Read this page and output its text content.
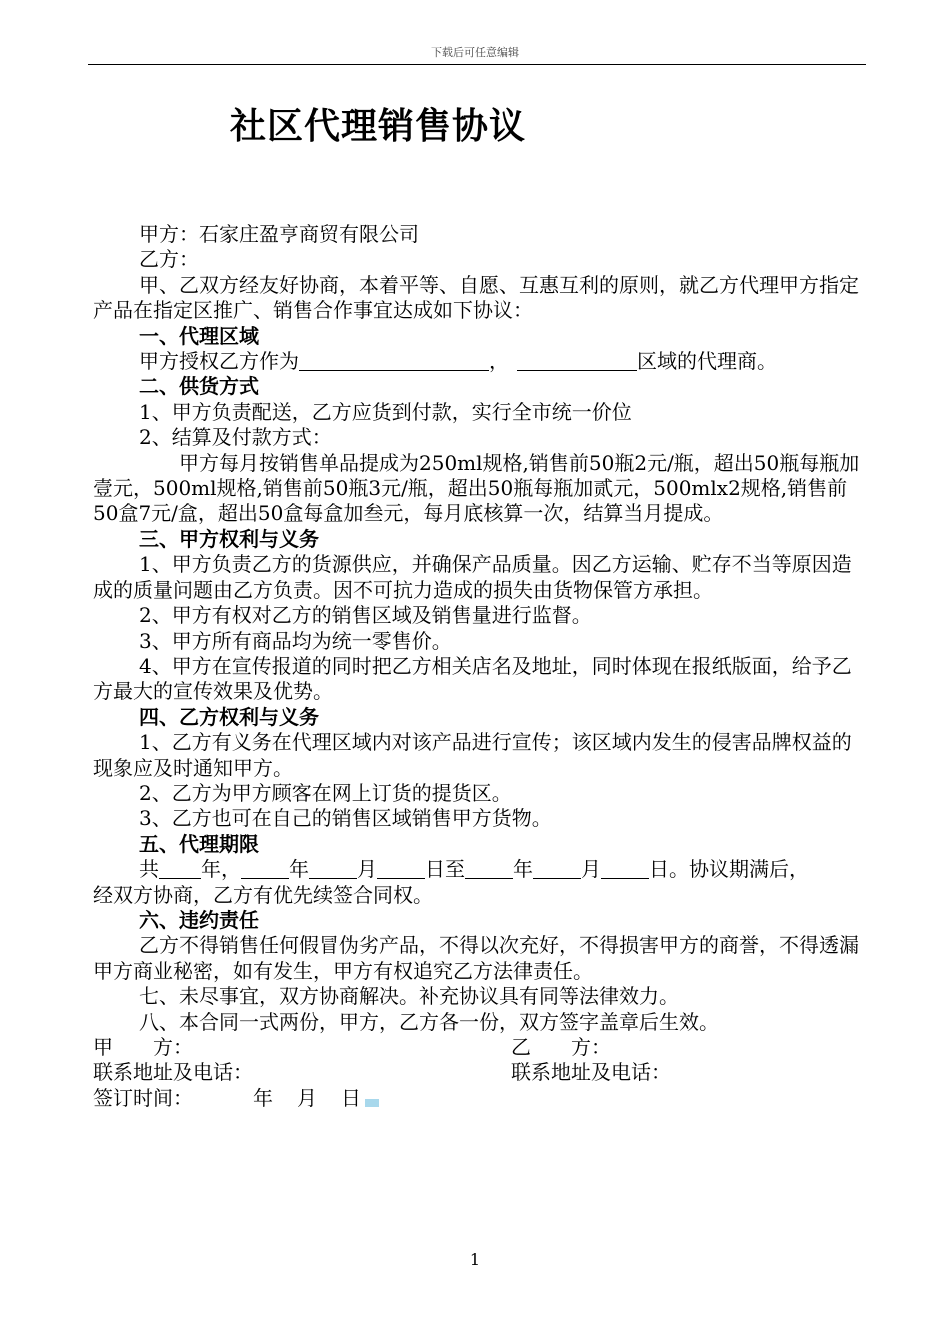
下载后可任意编辑
社区代理销售协议

甲方：石家庄盈亨商贸有限公司

乙方：

甲、乙双方经友好协商，本着平等、自愿、互惠互利的原则，就乙方代理甲方指定产品在指定区推广、销售合作事宜达成如下协议：

一、代理区域

甲方授权乙方作为	，	区域的代理商。

二、供货方式

1、甲方负责配送，乙方应货到付款，实行全市统一价位

2、结算及付款方式：

甲方每月按销售单品提成为250ml规格,销售前50瓶2元/瓶，超出50瓶每瓶加壹元，500ml规格,销售前50瓶3元/瓶，超出50瓶每瓶加贰元，500mlx2规格,销售前50盒7元/盒，超出50盒每盒加叁元，每月底核算一次，结算当月提成。

三、甲方权利与义务

1、甲方负责乙方的货源供应，并确保产品质量。因乙方运输、贮存不当等原因造成的质量问题由乙方负责。因不可抗力造成的损失由货物保管方承担。

2、甲方有权对乙方的销售区域及销售量进行监督。

3、甲方所有商品均为统一零售价。

4、甲方在宣传报道的同时把乙方相关店名及地址，同时体现在报纸版面，给予乙方最大的宣传效果及优势。

四、乙方权利与义务

1、乙方有义务在代理区域内对该产品进行宣传；该区域内发生的侵害品牌权益的现象应及时通知甲方。

2、乙方为甲方顾客在网上订货的提货区。

3、乙方也可在自己的销售区域销售甲方货物。

五、代理期限

共 年， 年 月 日至 年 月 日。协议期满后，

经双方协商，乙方有优先续签合同权。

六、违约责任

乙方不得销售任何假冒伪劣产品，不得以次充好，不得损害甲方的商誉，不得透漏甲方商业秘密，如有发生，甲方有权追究乙方法律责任。

七、未尽事宜，双方协商解决。补充协议具有同等法律效力。

八、本合同一式两份，甲方，乙方各一份，双方签字盖章后生效。

甲　　方：	乙　　方：
联系地址及电话：	联系地址及电话：

签订时间：	年 月 日

1
